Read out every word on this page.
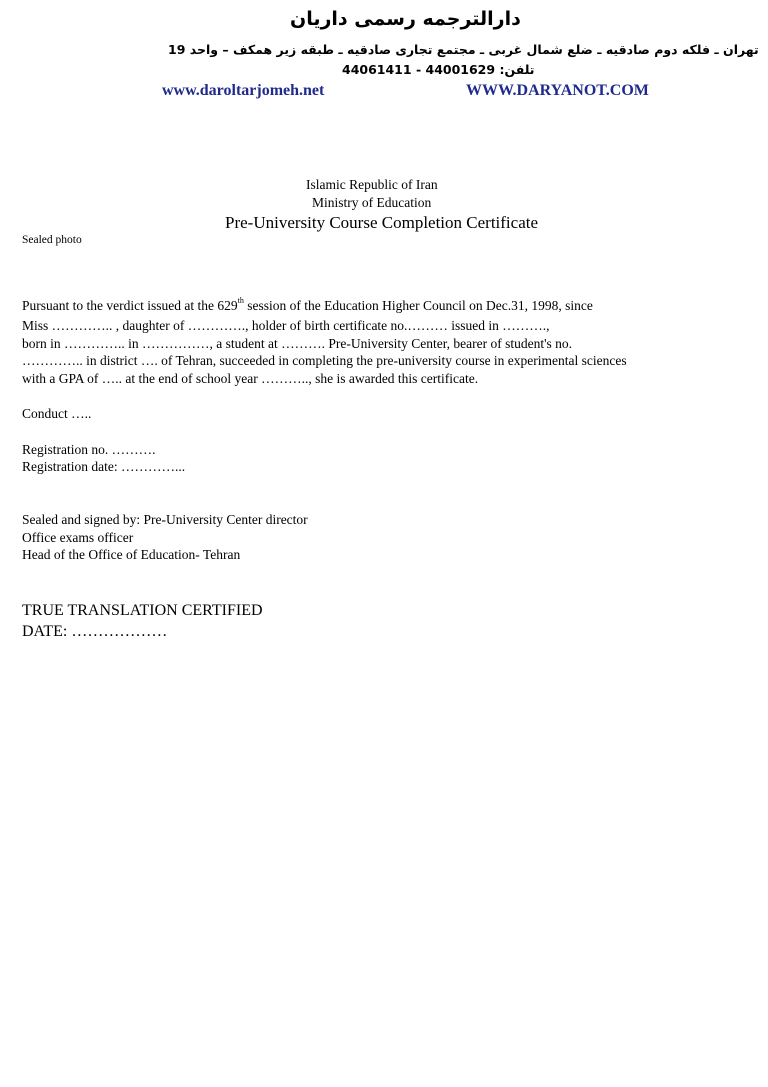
دارالترجمه رسمی داریان
تهران ـ فلکه دوم صادقیه ـ ضلع شمال غربی ـ مجتمع تجاری صادقیه ـ طبقه زیر همکف – واحد 19
تلفن: 44001629 - 44061411
www.daroltarjomeh.net	WWW.DARYANOT.COM
Islamic Republic of Iran
Ministry of Education
Pre-University Course Completion Certificate
Sealed photo
Pursuant to the verdict issued at the 629th session of the Education Higher Council on Dec.31, 1998, since
Miss ………….. , daughter of …………., holder of birth certificate no.……… issued in ……….,
born in ………….. in ……………, a student at ………. Pre-University Center, bearer of student's no.
………….. in district …. of Tehran, succeeded in completing the pre-university course in experimental sciences
with a GPA of ….. at the end of school year ……….., she is awarded this certificate.
Conduct …..
Registration no. ……….
Registration date: …………...
Sealed and signed by: Pre-University Center director
Office exams officer
Head of the Office of Education- Tehran
TRUE TRANSLATION CERTIFIED
DATE: ………………
